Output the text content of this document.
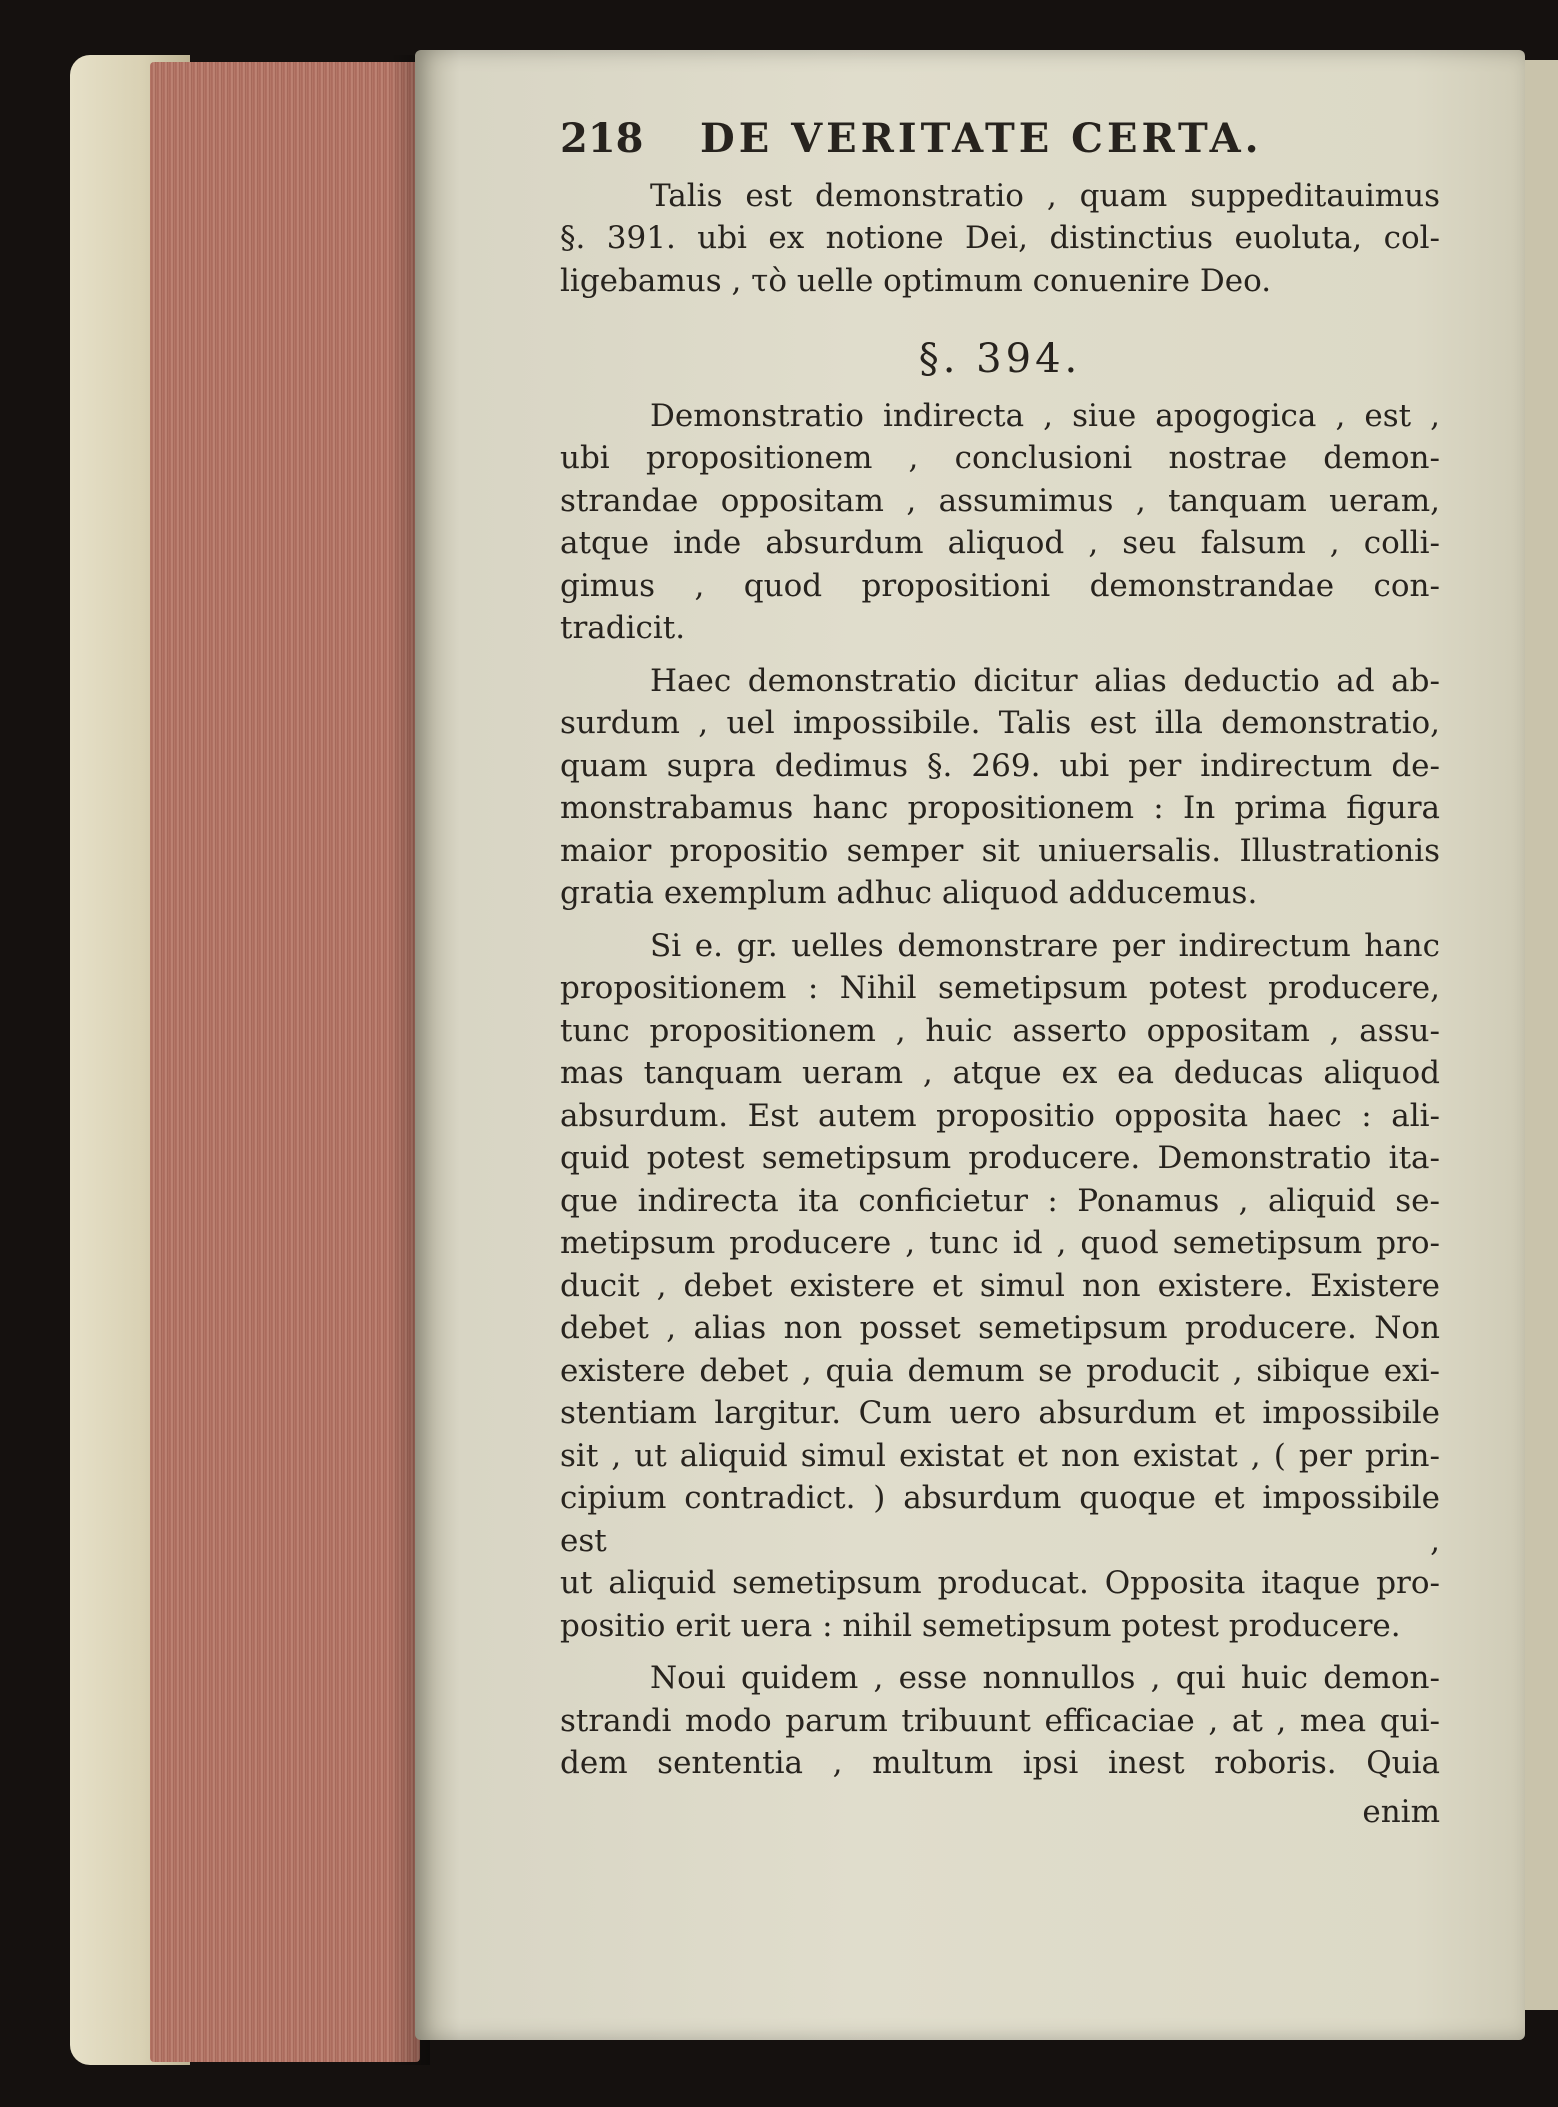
218	DE VERITATE CERTA.
Talis est demonstratio , quam suppeditauimus
§. 391. ubi ex notione Dei, distinctius euoluta, col-
ligebamus , τὸ uelle optimum conuenire Deo.
§. 394.
Demonstratio indirecta , siue apogogica , est ,
ubi propositionem , conclusioni nostrae demon-
strandae oppositam , assumimus , tanquam ueram,
atque inde absurdum aliquod , seu falsum , colli-
gimus , quod propositioni demonstrandae con-
tradicit.
Haec demonstratio dicitur alias deductio ad ab-
surdum , uel impossibile. Talis est illa demonstratio,
quam supra dedimus §. 269. ubi per indirectum de-
monstrabamus hanc propositionem : In prima figura
maior propositio semper sit uniuersalis. Illustrationis
gratia exemplum adhuc aliquod adducemus.
Si e. gr. uelles demonstrare per indirectum hanc
propositionem : Nihil semetipsum potest producere,
tunc propositionem , huic asserto oppositam , assu-
mas tanquam ueram , atque ex ea deducas aliquod
absurdum. Est autem propositio opposita haec : ali-
quid potest semetipsum producere. Demonstratio ita-
que indirecta ita conficietur : Ponamus , aliquid se-
metipsum producere , tunc id , quod semetipsum pro-
ducit , debet existere et simul non existere. Existere
debet , alias non posset semetipsum producere. Non
existere debet , quia demum se producit , sibique exi-
stentiam largitur. Cum uero absurdum et impossibile
sit , ut aliquid simul existat et non existat , ( per prin-
cipium contradict. ) absurdum quoque et impossibile est ,
ut aliquid semetipsum producat. Opposita itaque pro-
positio erit uera : nihil semetipsum potest producere.
Noui quidem , esse nonnullos , qui huic demon-
strandi modo parum tribuunt efficaciae , at , mea qui-
dem sententia , multum ipsi inest roboris. Quia
enim
